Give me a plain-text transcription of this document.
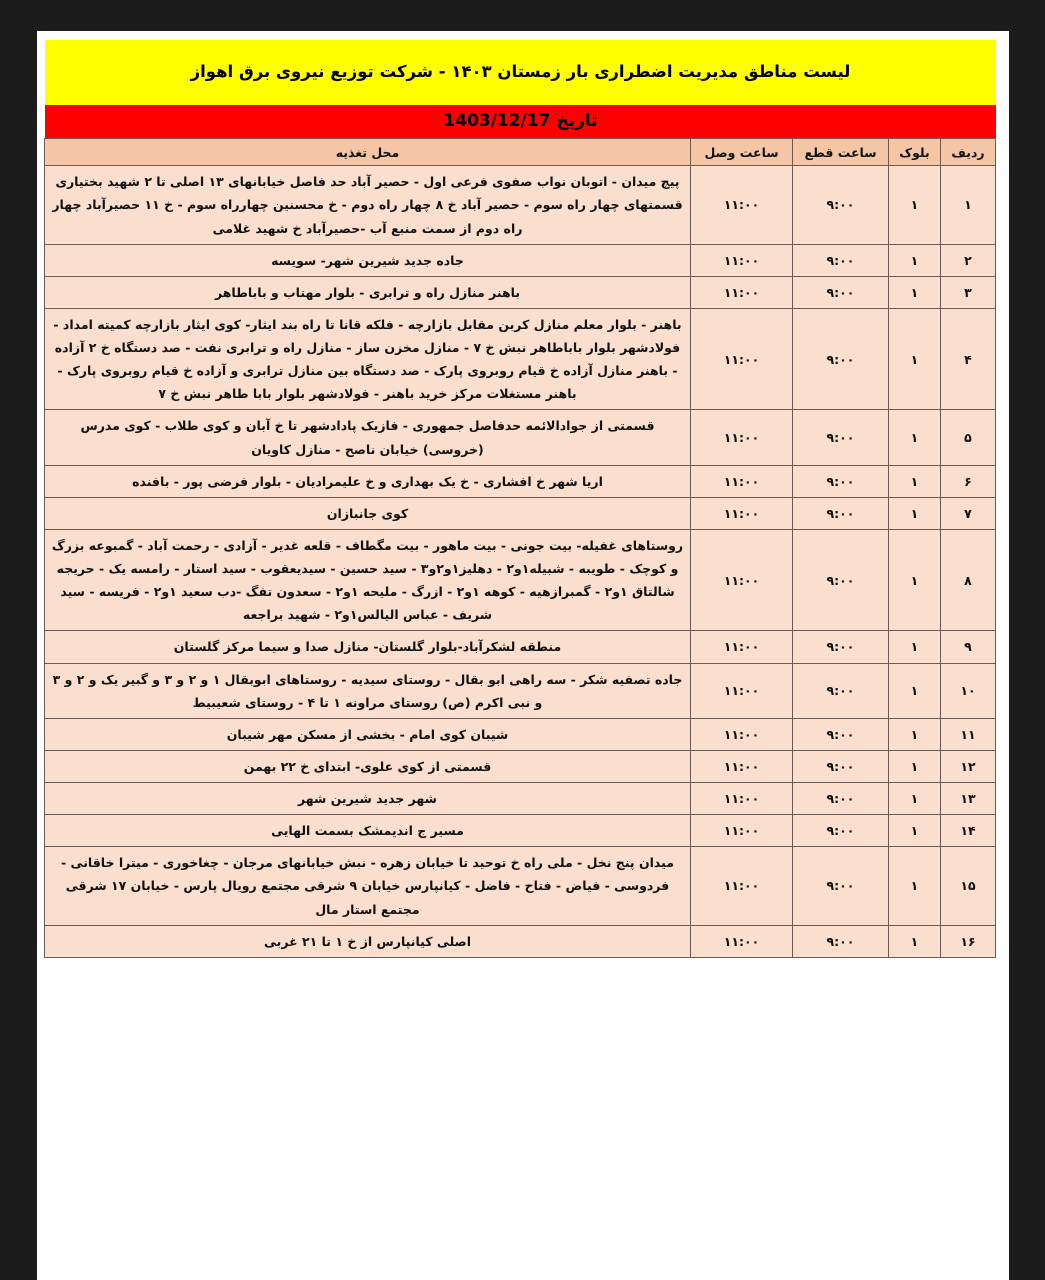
لیست مناطق مدیریت اضطراری بار زمستان ۱۴۰۳ - شرکت توزیع نیروی برق اهواز
تاریخ1403/12/17
ردیف	بلوک	ساعت قطع	ساعت وصل	محل تغذیه
۱	۱	۹:۰۰	۱۱:۰۰	پیچ میدان - اتوبان نواب صفوی فرعی اول - حصیر آباد حد فاصل خیابانهای ۱۳ اصلی تا ۲ شهید بختیاری قسمتهای چهار راه سوم - حصیر آباد خ ۸ چهار راه دوم - خ محسنین چهارراه سوم - خ ۱۱ حصیرآباد چهار راه دوم از سمت منبع آب -حصیرآباد خ شهید غلامی
۲	۱	۹:۰۰	۱۱:۰۰	جاده جدید شیرین شهر- سویسه
۳	۱	۹:۰۰	۱۱:۰۰	باهنر منازل راه و ترابری - بلوار مهتاب و باباطاهر
۴	۱	۹:۰۰	۱۱:۰۰	باهنر - بلوار معلم منازل کربن مقابل بازارچه - فلکه قانا تا راه بند ایثار- کوی ایثار بازارچه کمیته امداد - فولادشهر بلوار باباطاهر نبش خ ۷ - منازل مخزن ساز - منازل راه و ترابری نفت - صد دستگاه خ ۲ آزاده - باهنر منازل آزاده خ قیام روبروی پارک - صد دستگاه بین منازل ترابری و آزاده خ قیام روبروی پارک - باهنر مستغلات مرکز خرید باهنر - فولادشهر بلوار بابا طاهر نبش خ ۷
۵	۱	۹:۰۰	۱۱:۰۰	قسمتی از جوادالائمه حدفاصل جمهوری - فازیک پادادشهر تا خ آبان و کوی طلاب - کوی مدرس (خروسی) خیابان ناصح - منازل کاویان
۶	۱	۹:۰۰	۱۱:۰۰	اریا شهر خ افشاری - خ یک بهداری و خ علیمرادیان - بلوار فرضی پور - بافنده
۷	۱	۹:۰۰	۱۱:۰۰	کوی جانبازان
۸	۱	۹:۰۰	۱۱:۰۰	روستاهای غفیله- بیت جونی - بیت ماهور - بیت مگطاف - قلعه غدیر - آزادی - رحمت آباد - گمبوعه بزرگ و کوچک - طویبه - شبیله۱و۲ - دهلیز۱و۲و۳ - سید حسین - سیدیعقوب - سید استار - رامسه یک - حریجه شالتاق ۱و۲ - گمبرازهیه - کوهه ۱و۲ - ازرگ - ملیحه ۱و۲ - سعدون تفگ -دب سعید ۱و۲ - فریسه - سید شریف - عباس الیالس۱و۲ - شهید براجعه
۹	۱	۹:۰۰	۱۱:۰۰	منطقه لشکرآباد-بلوار گلستان- منازل صدا و سیما مرکز گلستان
۱۰	۱	۹:۰۰	۱۱:۰۰	جاده تصفیه شکر - سه راهی ابو بقال - روستای سیدیه - روستاهای ابوبقال ۱ و ۲ و ۳ و گبیر یک و ۲ و ۳ و نبی اکرم (ص) روستای مراونه ۱ تا ۴ - روستای شعیبیط
۱۱	۱	۹:۰۰	۱۱:۰۰	شیبان کوی امام - بخشی از مسکن مهر شیبان
۱۲	۱	۹:۰۰	۱۱:۰۰	قسمتی از کوی علوی- ابتدای خ ۲۲ بهمن
۱۳	۱	۹:۰۰	۱۱:۰۰	شهر جدید شیرین شهر
۱۴	۱	۹:۰۰	۱۱:۰۰	مسیر ج اندیمشک بسمت الهایی
۱۵	۱	۹:۰۰	۱۱:۰۰	میدان پنج نخل - ملی راه خ توحید تا خیابان زهره - نبش خیابانهای مرجان - چغاخوری - میترا خاقانی - فردوسی - فیاض - فتاح - فاضل - کیانپارس خیابان ۹ شرقی مجتمع رویال پارس - خیابان ۱۷ شرقی مجتمع استار مال
۱۶	۱	۹:۰۰	۱۱:۰۰	اصلی کیانپارس از خ ۱ تا ۲۱ غربی
